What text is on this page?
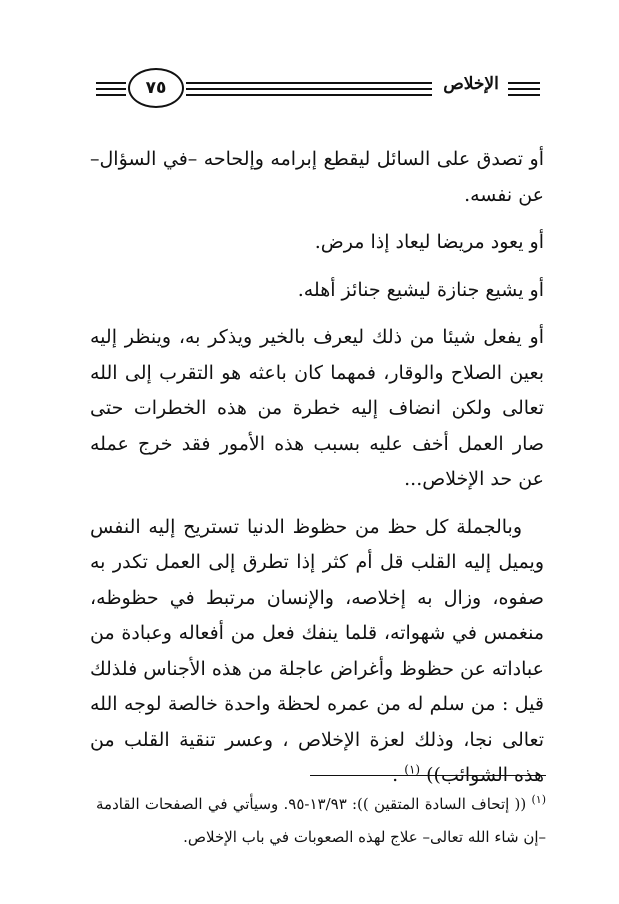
٧٥	الإخلاص

أو تصدق على السائل ليقطع إبرامه وإلحاحه –في السؤال– عن نفسه.

أو يعود مريضا ليعاد إذا مرض.

أو يشيع جنازة ليشيع جنائز أهله.

أو يفعل شيئا من ذلك ليعرف بالخير ويذكر به، وينظر إليه بعين الصلاح والوقار، فمهما كان باعثه هو التقرب إلى الله تعالى ولكن انضاف إليه خطرة من هذه الخطرات حتى صار العمل أخف عليه بسبب هذه الأمور فقد خرج عمله عن حد الإخلاص...

وبالجملة كل حظ من حظوظ الدنيا تستريح إليه النفس ويميل إليه القلب قل أم كثر إذا تطرق إلى العمل تكدر به صفوه، وزال به إخلاصه، والإنسان مرتبط في حظوظه، منغمس في شهواته، قلما ينفك فعل من أفعاله وعبادة من عباداته عن حظوظ وأغراض عاجلة من هذه الأجناس فلذلك قيل : من سلم له من عمره لحظة واحدة خالصة لوجه الله تعالى نجا، وذلك لعزة الإخلاص ، وعسر تنقية القلب من هذه الشوائب)) $^{(١)}$ .

$^{(١)}$ (( إتحاف السادة المتقين )): ١٣/٩٣-٩٥. وسيأتي في الصفحات القادمة –إن شاء الله تعالى– علاج لهذه الصعوبات في باب الإخلاص.
